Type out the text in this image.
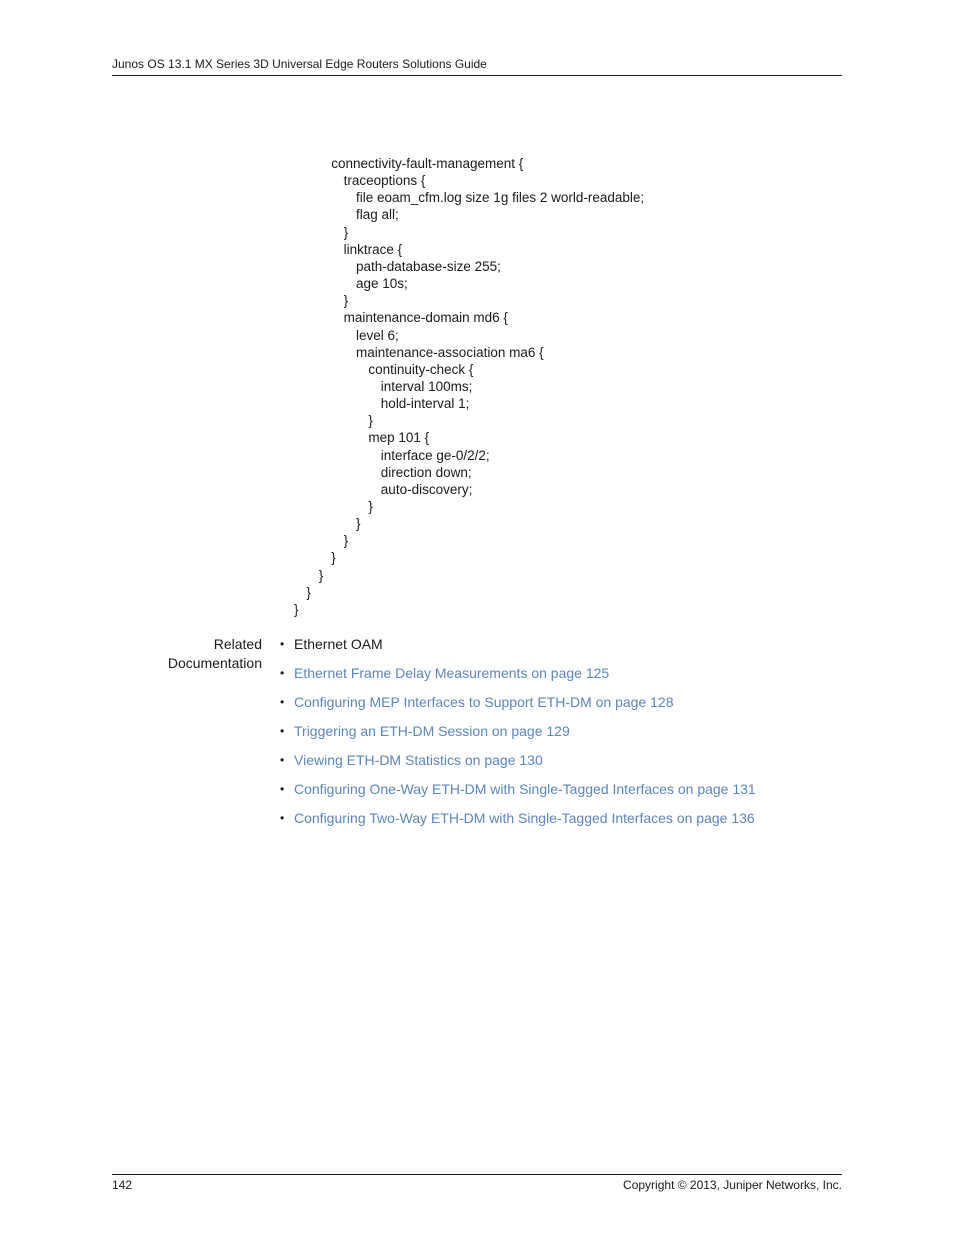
Junos OS 13.1 MX Series 3D Universal Edge Routers Solutions Guide
connectivity-fault-management {
traceoptions {
file eoam_cfm.log size 1g files 2 world-readable;
flag all;
}
linktrace {
path-database-size 255;
age 10s;
}
maintenance-domain md6 {
level 6;
maintenance-association ma6 {
continuity-check {
interval 100ms;
hold-interval 1;
}
mep 101 {
interface ge-0/2/2;
direction down;
auto-discovery;
}
}
}
}
}
}
}
Related
Documentation
• Ethernet OAM
• Ethernet Frame Delay Measurements on page 125
• Configuring MEP Interfaces to Support ETH-DM on page 128
• Triggering an ETH-DM Session on page 129
• Viewing ETH-DM Statistics on page 130
• Configuring One-Way ETH-DM with Single-Tagged Interfaces on page 131
• Configuring Two-Way ETH-DM with Single-Tagged Interfaces on page 136
142	Copyright © 2013, Juniper Networks, Inc.
